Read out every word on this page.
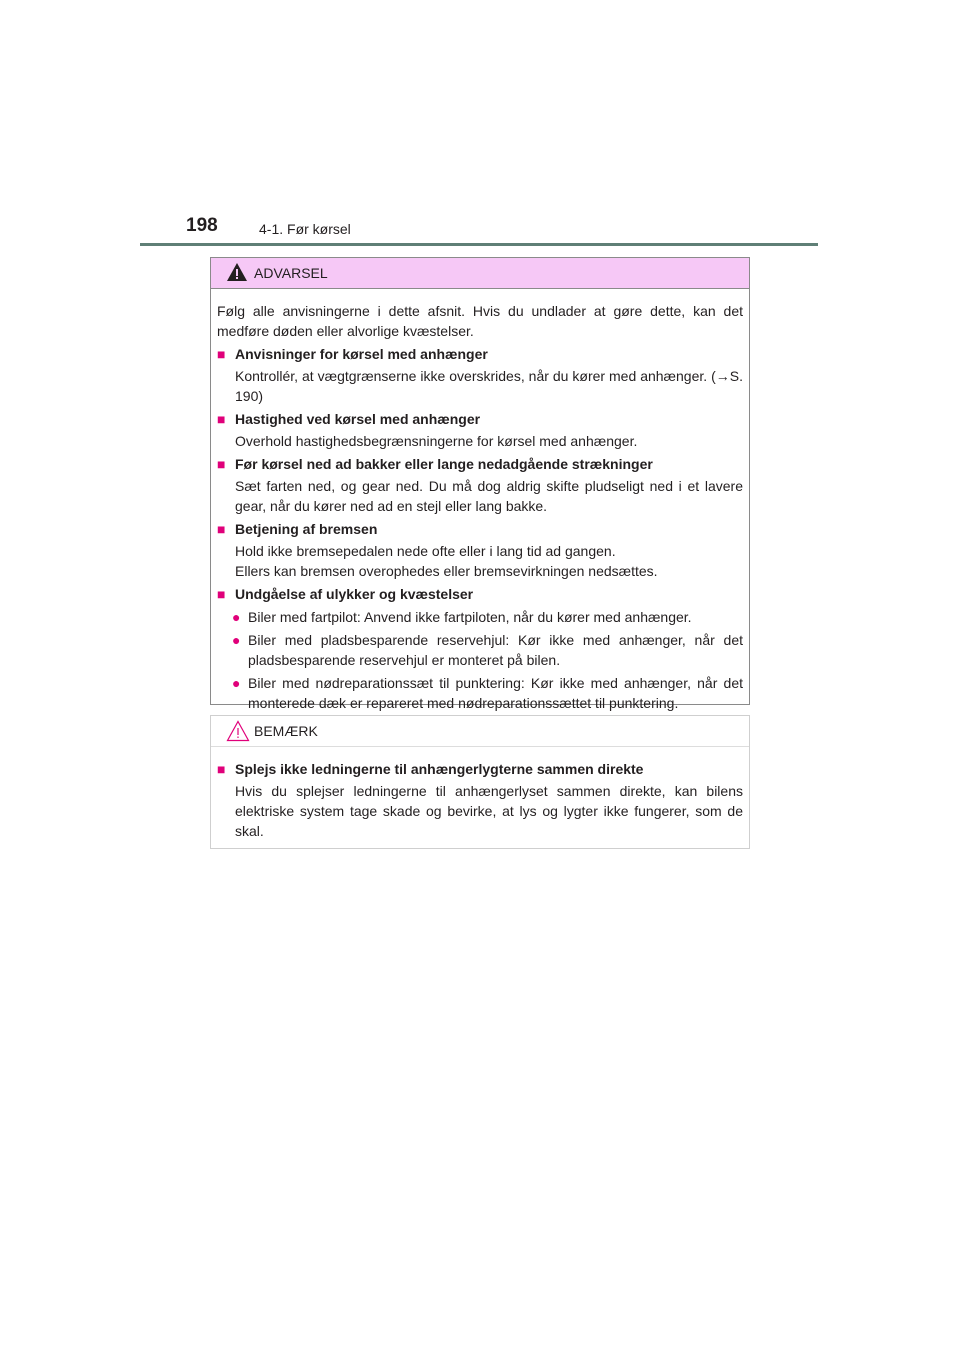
198	4-1. Før kørsel
ADVARSEL

Følg alle anvisningerne i dette afsnit. Hvis du undlader at gøre dette, kan det medføre døden eller alvorlige kvæstelser.

■ Anvisninger for kørsel med anhænger
Kontrollér, at vægtgrænserne ikke overskrides, når du kører med anhænger. (→S. 190)
■ Hastighed ved kørsel med anhænger
Overhold hastighedsbegrænsningerne for kørsel med anhænger.
■ Før kørsel ned ad bakker eller lange nedadgående strækninger
Sæt farten ned, og gear ned. Du må dog aldrig skifte pludseligt ned i et lavere gear, når du kører ned ad en stejl eller lang bakke.
■ Betjening af bremsen
Hold ikke bremsepedalen nede ofte eller i lang tid ad gangen.
Ellers kan bremsen overophedes eller bremsevirkningen nedsættes.
■ Undgåelse af ulykker og kvæstelser
● Biler med fartpilot: Anvend ikke fartpiloten, når du kører med anhænger.
● Biler med pladsbesparende reservehjul: Kør ikke med anhænger, når det pladsbesparende reservehjul er monteret på bilen.
● Biler med nødreparationssæt til punktering: Kør ikke med anhænger, når det monterede dæk er repareret med nødreparationssættet til punktering.
BEMÆRK
■ Splejs ikke ledningerne til anhængerlygterne sammen direkte
Hvis du splejser ledningerne til anhængerlyset sammen direkte, kan bilens elektriske system tage skade og bevirke, at lys og lygter ikke fungerer, som de skal.
